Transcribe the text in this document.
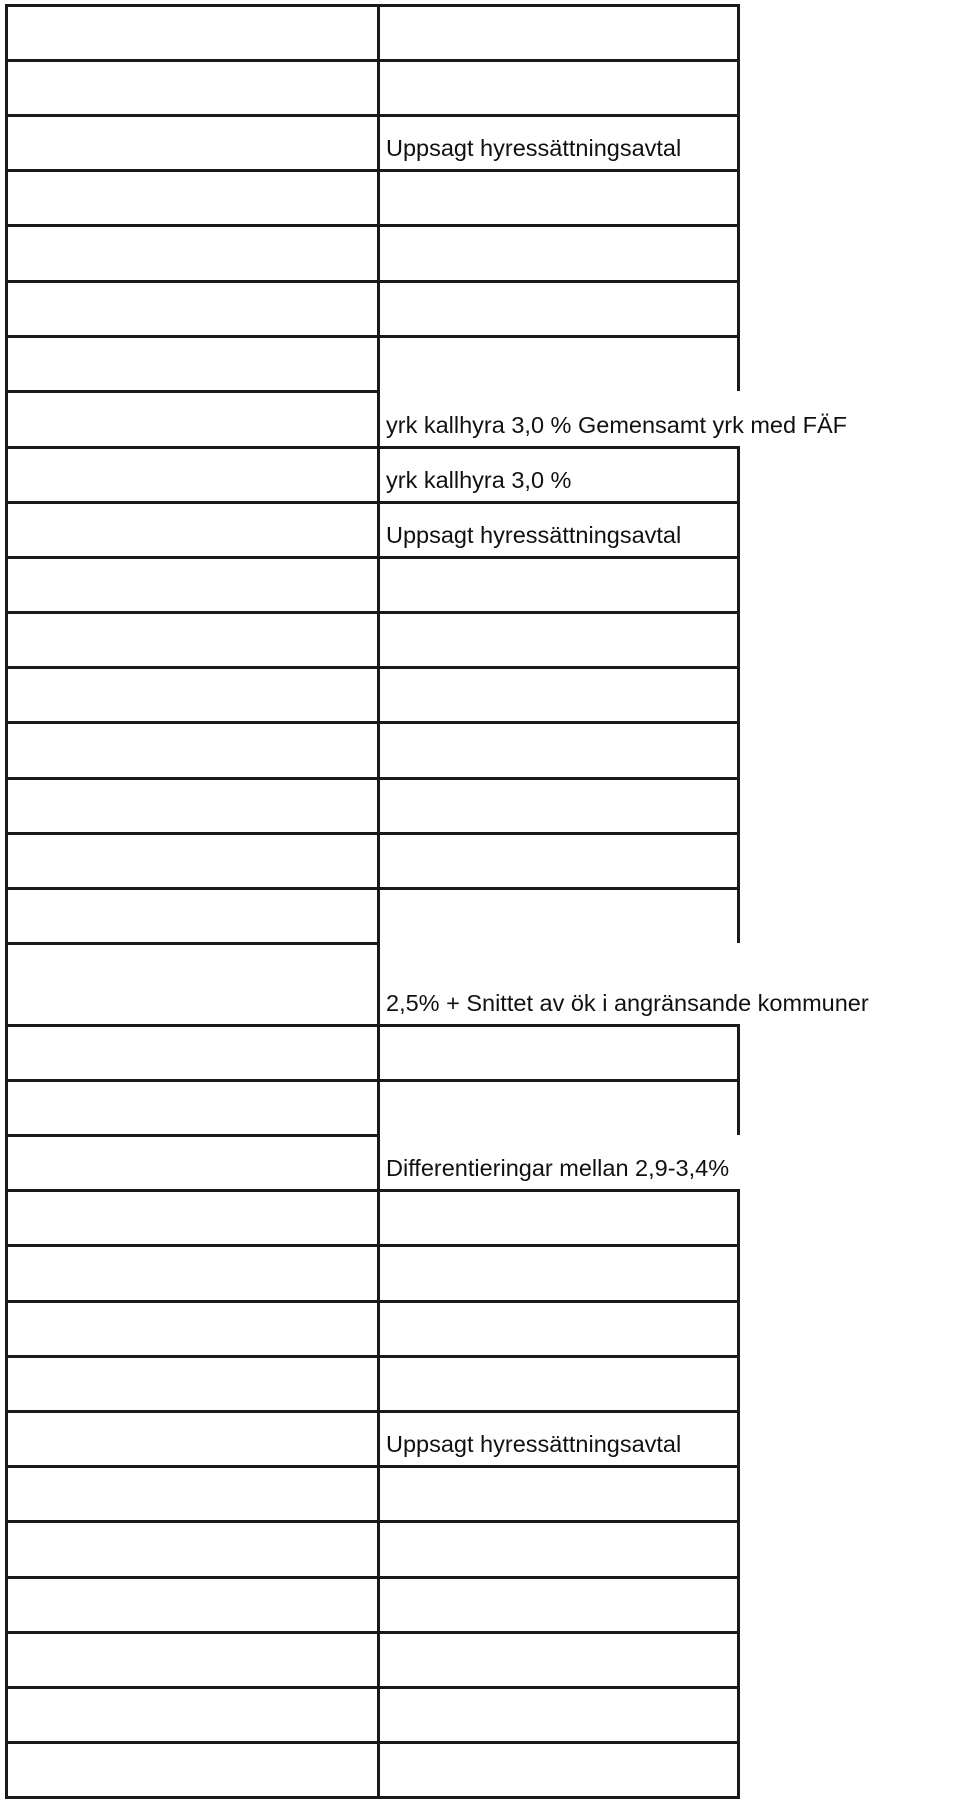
Uppsagt hyressättningsavtal
yrk kallhyra 3,0 % Gemensamt yrk med FÄF
yrk kallhyra 3,0 %
Uppsagt hyressättningsavtal
2,5% + Snittet av ök i angränsande kommuner
Differentieringar mellan 2,9-3,4%
Uppsagt hyressättningsavtal
